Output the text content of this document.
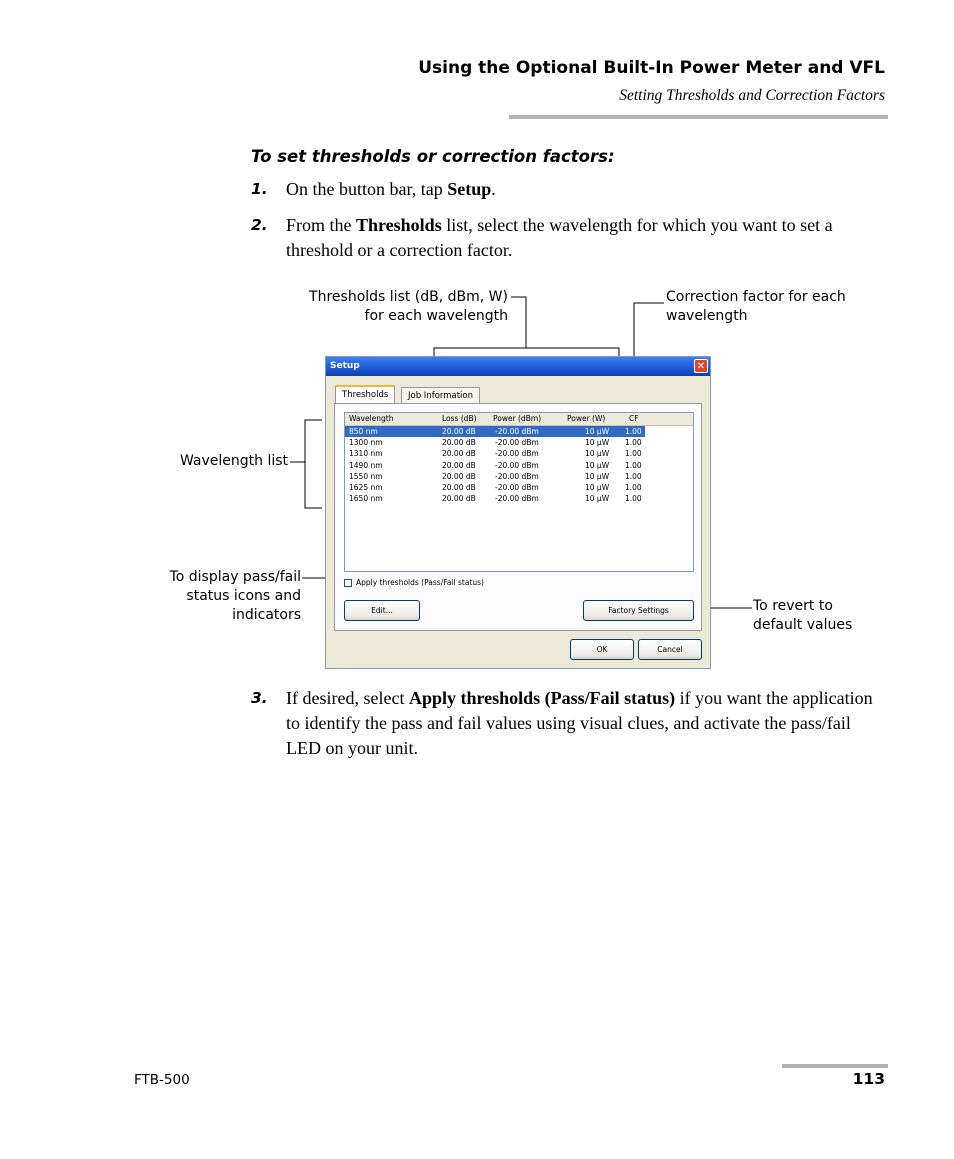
Using the Optional Built-In Power Meter and VFL
Setting Thresholds and Correction Factors
To set thresholds or correction factors:
1. On the button bar, tap Setup.
2. From the Thresholds list, select the wavelength for which you want to set a threshold or a correction factor.
Thresholds list (dB, dBm, W)
for each wavelength
Correction factor for each
wavelength
Wavelength list
To display pass/fail
status icons and
indicators
To revert to
default values
Setup	✕
Thresholds	Job Information
Wavelength	Loss (dB) Power (dBm)	Power (W)	CF
850 nm	20.00 dB	-20.00 dBm	10 µW 1.00
1300 nm	20.00 dB	-20.00 dBm	10 µW 1.00
1310 nm	20.00 dB	-20.00 dBm	10 µW 1.00
1490 nm	20.00 dB	-20.00 dBm	10 µW 1.00
1550 nm	20.00 dB	-20.00 dBm	10 µW 1.00
1625 nm	20.00 dB	-20.00 dBm	10 µW 1.00
1650 nm	20.00 dB	-20.00 dBm	10 µW 1.00
Apply thresholds (Pass/Fail status)
Edit...	Factory Settings
OK	Cancel
3. If desired, select Apply thresholds (Pass/Fail status) if you want the application to identify the pass and fail values using visual clues, and activate the pass/fail LED on your unit.
FTB-500	113
